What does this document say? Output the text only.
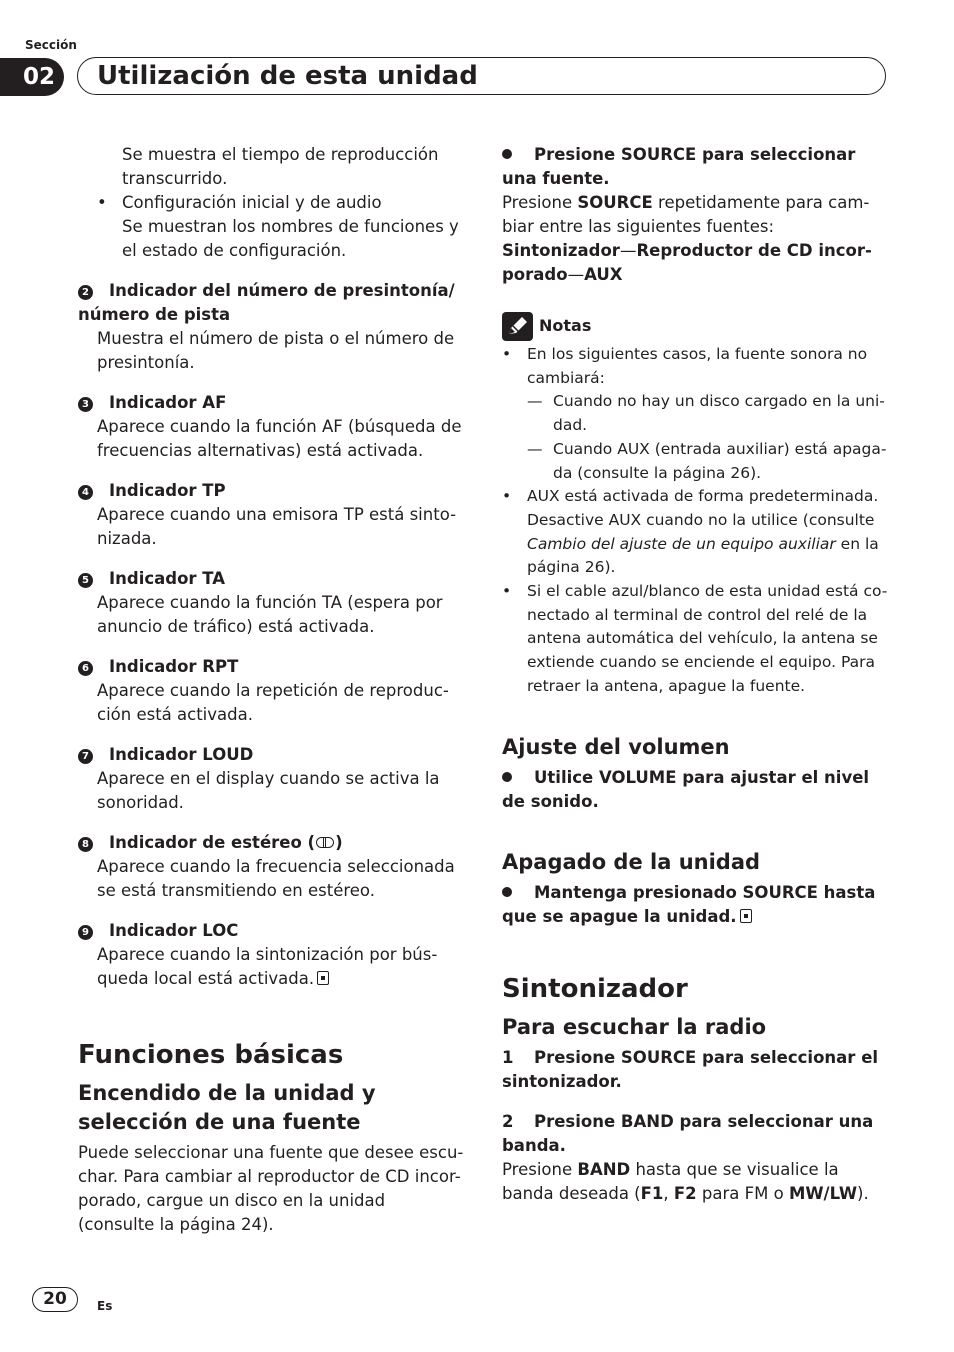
Sección
02	Utilización de esta unidad

Se muestra el tiempo de reproducción transcurrido.

• Configuración inicial y de audio

Se muestran los nombres de funciones y el estado de configuración.

2 Indicador del número de presintonía/ número de pista

Muestra el número de pista o el número de presintonía.

3 Indicador AF

Aparece cuando la función AF (búsqueda de frecuencias alternativas) está activada.

4 Indicador TP

Aparece cuando una emisora TP está sinto-nizada.

5 Indicador TA

Aparece cuando la función TA (espera por anuncio de tráfico) está activada.

6 Indicador RPT

Aparece cuando la repetición de reproduc-ción está activada.

7 Indicador LOUD

Aparece en el display cuando se activa la sonoridad.

8 Indicador de estéreo ( )

Aparece cuando la frecuencia seleccionada se está transmitiendo en estéreo.

9 Indicador LOC

Aparece cuando la sintonización por bús-queda local está activada.

Funciones básicas

Encendido de la unidad y selección de una fuente

Puede seleccionar una fuente que desee escu-char. Para cambiar al reproductor de CD incor-porado, cargue un disco en la unidad (consulte la página 24).

Presione SOURCE para seleccionar una fuente.

Presione SOURCE repetidamente para cam-biar entre las siguientes fuentes:

Sintonizador—Reproductor de CD incor-porado—AUX

Notas

•	En los siguientes casos, la fuente sonora no cambiará:

— Cuando no hay un disco cargado en la uni-dad.

— Cuando AUX (entrada auxiliar) está apaga-da (consulte la página 26).

•	AUX está activada de forma predeterminada. Desactive AUX cuando no la utilice (consulte Cambio del ajuste de un equipo auxiliar en la página 26).

•	Si el cable azul/blanco de esta unidad está co-nectado al terminal de control del relé de la antena automática del vehículo, la antena se extiende cuando se enciende el equipo. Para retraer la antena, apague la fuente.

Ajuste del volumen

Utilice VOLUME para ajustar el nivel de sonido.

Apagado de la unidad

Mantenga presionado SOURCE hasta que se apague la unidad.

Sintonizador

Para escuchar la radio

1 Presione SOURCE para seleccionar el sintonizador.

2 Presione BAND para seleccionar una banda.

Presione BAND hasta que se visualice la banda deseada (F1, F2 para FM o MW/LW).

20	Es
